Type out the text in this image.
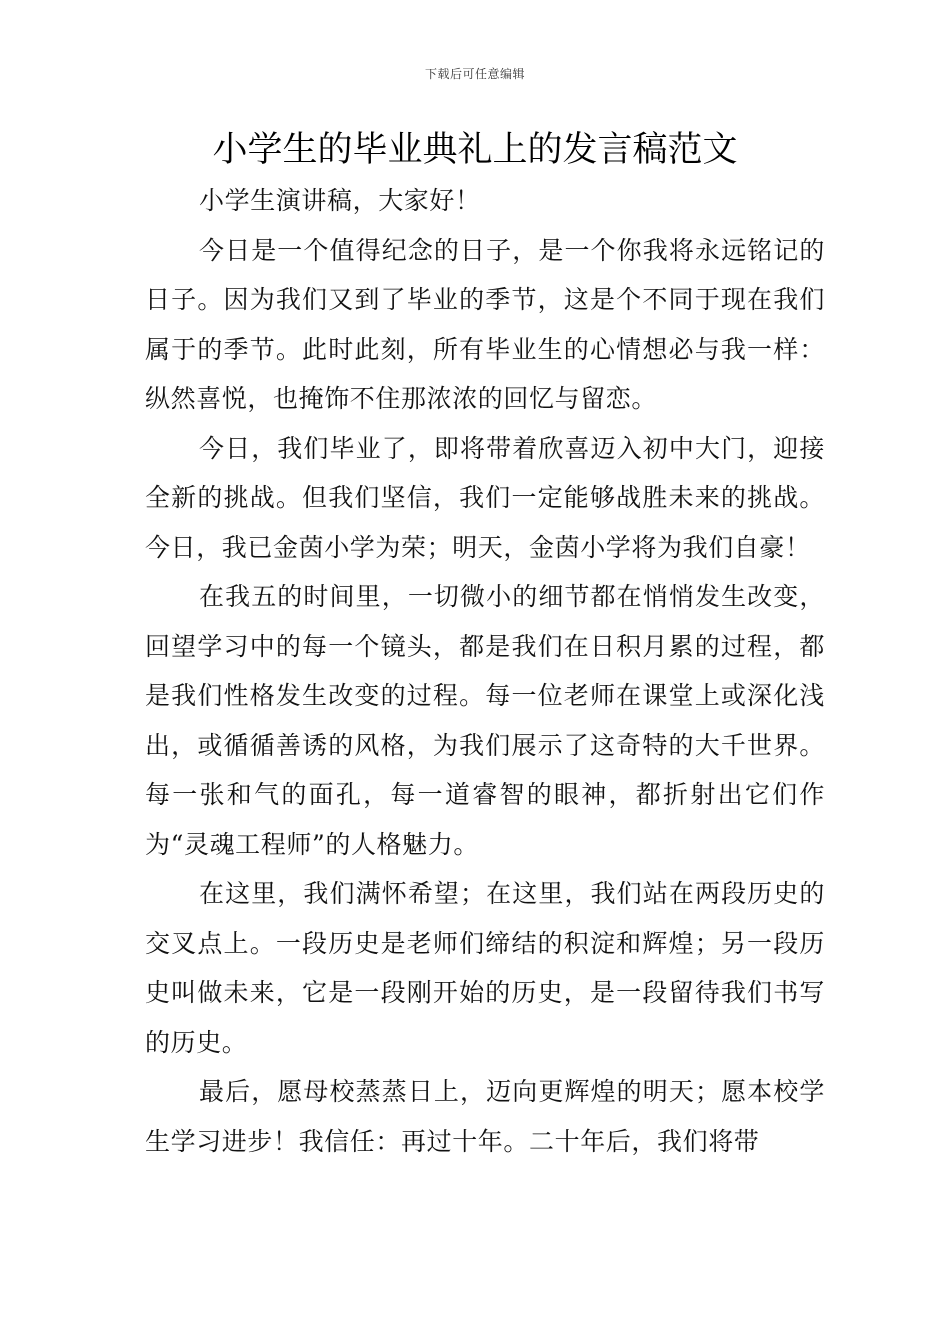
下载后可任意编辑
小学生的毕业典礼上的发言稿范文

小学生演讲稿，大家好！

今日是一个值得纪念的日子，是一个你我将永远铭记的日子。因为我们又到了毕业的季节，这是个不同于现在我们属于的季节。此时此刻，所有毕业生的心情想必与我一样：纵然喜悦，也掩饰不住那浓浓的回忆与留恋。

今日，我们毕业了，即将带着欣喜迈入初中大门，迎接全新的挑战。但我们坚信，我们一定能够战胜未来的挑战。今日，我已金茵小学为荣；明天，金茵小学将为我们自豪！

在我五的时间里，一切微小的细节都在悄悄发生改变，回望学习中的每一个镜头，都是我们在日积月累的过程，都是我们性格发生改变的过程。每一位老师在课堂上或深化浅出，或循循善诱的风格，为我们展示了这奇特的大千世界。每一张和气的面孔，每一道睿智的眼神，都折射出它们作为“灵魂工程师”的人格魅力。

在这里，我们满怀希望；在这里，我们站在两段历史的交叉点上。一段历史是老师们缔结的积淀和辉煌；另一段历史叫做未来，它是一段刚开始的历史，是一段留待我们书写的历史。

最后，愿母校蒸蒸日上，迈向更辉煌的明天；愿本校学生学习进步！我信任：再过十年。二十年后，我们将带
